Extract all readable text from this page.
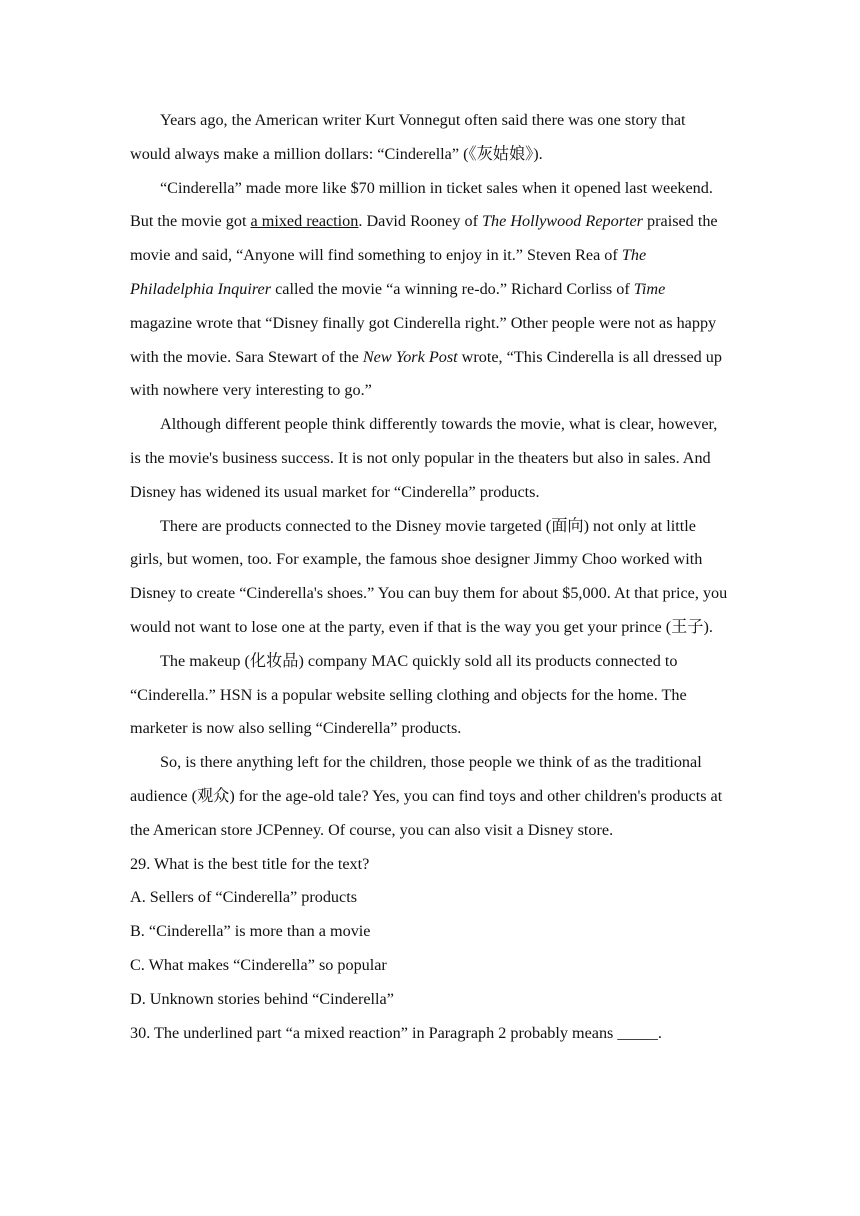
Years ago, the American writer Kurt Vonnegut often said there was one story that would always make a million dollars: “Cinderella” (《灰姑娘》).

“Cinderella” made more like $70 million in ticket sales when it opened last weekend. But the movie got a mixed reaction. David Rooney of The Hollywood Reporter praised the movie and said, “Anyone will find something to enjoy in it.” Steven Rea of The Philadelphia Inquirer called the movie “a winning re-do.” Richard Corliss of Time magazine wrote that “Disney finally got Cinderella right.” Other people were not as happy with the movie. Sara Stewart of the New York Post wrote, “This Cinderella is all dressed up with nowhere very interesting to go.”

Although different people think differently towards the movie, what is clear, however, is the movie's business success. It is not only popular in the theaters but also in sales. And Disney has widened its usual market for “Cinderella” products.

There are products connected to the Disney movie targeted (面向) not only at little girls, but women, too. For example, the famous shoe designer Jimmy Choo worked with Disney to create “Cinderella's shoes.” You can buy them for about $5,000. At that price, you would not want to lose one at the party, even if that is the way you get your prince (王子).

The makeup (化妆品) company MAC quickly sold all its products connected to “Cinderella.” HSN is a popular website selling clothing and objects for the home. The marketer is now also selling “Cinderella” products.

So, is there anything left for the children, those people we think of as the traditional audience (观众) for the age-old tale? Yes, you can find toys and other children's products at the American store JCPenney. Of course, you can also visit a Disney store.

29. What is the best title for the text?

A. Sellers of “Cinderella” products

B. “Cinderella” is more than a movie

C. What makes “Cinderella” so popular

D. Unknown stories behind “Cinderella”

30. The underlined part “a mixed reaction” in Paragraph 2 probably means _____.
